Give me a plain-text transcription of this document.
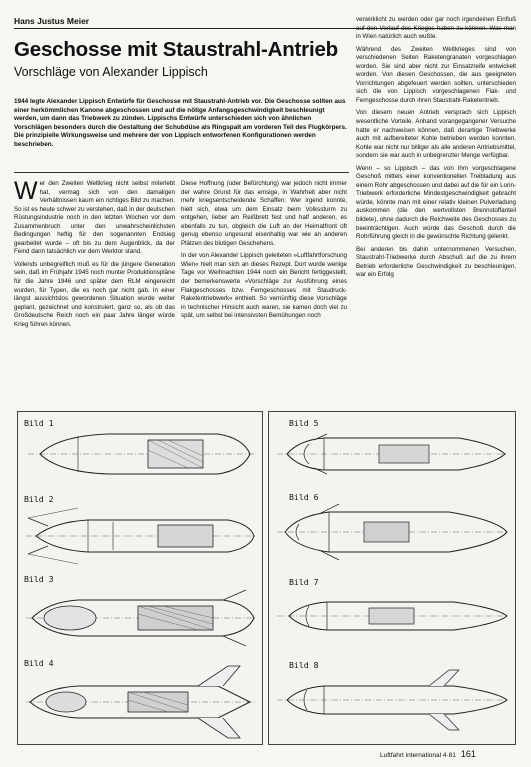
Hans Justus Meier
Geschosse mit Staustrahl-Antrieb
Vorschläge von Alexander Lippisch
1944 legte Alexander Lippisch Entwürfe für Geschosse mit Staustrahl-Antrieb vor. Die Geschosse sollten aus einer herkömmlichen Kanone abgeschossen und auf die nötige Anfangsgeschwindigkeit beschleunigt werden, um dann das Triebwerk zu zünden. Lippischs Entwürfe unterschieden sich von ähnlichen Vorschlägen besonders durch die Gestaltung der Schubdüse als Ringspalt am vorderen Teil des Flugkörpers. Die prinzipielle Wirkungsweise und mehrere der von Lippisch entworfenen Konfigurationen werden beschrieben.

Wer den Zweiten Weltkrieg nicht selbst miterlebt hat, vermag sich von den damaligen Verhältnissen kaum ein richtiges Bild zu machen. So ist es heute schwer zu verstehen, daß in der deutschen Rüstungsindustrie noch in den letzten Wochen vor dem Zusammenbruch unter den unwahrscheinlichsten Bedingungen heftig für den sogenannten Endsieg gearbeitet wurde – oft bis zu dem Augenblick, da der Feind dann tatsächlich vor dem Werktor stand.

Vollends unbegreiflich muß es für die jüngere Generation sein, daß im Frühjahr 1945 noch munter Produktionspläne für die Jahre 1946 und später dem RLM eingereicht wurden, für Typen, die es noch gar nicht gab. In einer längst aussichtslos gewordenen Situation wurde weiter geplant, gezeichnet und konstruiert, ganz so, als ob das Großdeutsche Reich noch ein paar Jahre länger würde Krieg führen können.

Diese Hoffnung (oder Befürchtung) war jedoch nicht immer der wahre Grund für das emsige, in Wahrheit aber nicht mehr kriegsentscheidende Schaffen: Wer irgend konnte, hielt sich, etwa um dem Einsatz beim Volkssturm zu entgehen, lieber am Reißbrett fest und half anderen, es ebenfalls zu tun, obgleich die Luft an der Heimatfront oft genug ebenso ungesund eisenhaltig war wie an anderen Plätzen des blutigen Geschehens.

In der von Alexander Lippisch geleiteten »Luftfahrtforschung Wien« hielt man sich an dieses Rezept. Dort wurde wenige Tage vor Weihnachten 1944 noch ein Bericht fertiggestellt, der bemerkenswerte »Vorschläge zur Ausführung eines Flakgeschosses bzw. Ferngeschosses mit Staudruck-Raketentriebwerk« enthielt. So vernünftig diese Vorschläge in technischer Hinsicht auch waren, sie kamen doch viel zu spät, um selbst bei intensivsten Bemühungen noch

verwirklicht zu werden oder gar noch irgendeinen Einfluß auf den Verlauf des Krieges haben zu können. Was man in Wien natürlich auch wußte.

Während des Zweiten Weltkrieges sind von verschiedenen Seiten Raketengranaten vorgeschlagen worden. Sie sind aber nicht zur Einsatzreife entwickelt worden. Von diesen Geschossen, die aus geeigneten Vorrichtungen abgefeuert werden sollten, unterschieden sich die von Lippisch vorgeschlagenen Flak- und Ferngeschosse durch ihren Staustrahl-Raketentrieb.

Von diesem neuen Antrieb versprach sich Lippisch wesentliche Vorteile. Anhand vorangegangener Versuche hatte er nachweisen können, daß derartige Triebwerke auch mit aufbereiteter Kohle betrieben werden konnten. Kohle war nicht nur billiger als alle anderen Antriebsmittel, sondern sie war auch in unbegrenzter Menge verfügbar.

Wenn – so Lippisch – das von ihm vorgeschlagene Geschoß mittels einer konventionellen Treibladung aus einem Rohr abgeschossen und dabei auf die für ein Lorin-Triebwerk erforderliche Mindestgeschwindigkeit gebracht würde, könnte man mit einer relativ kleinen Pulverladung auskommen (die den wertvollsten Brennstoffanteil bildete), ohne dadurch die Reichweite des Geschosses zu beeinträchtigen. Auch würde das Geschoß durch die Rohrführung gleich in die gewünschte Richtung gelenkt.

Bei anderen bis dahin unternommenen Versuchen, Staustrahl-Triebwerke durch Abschuß auf die zu ihrem Betrieb erforderliche Geschwindigkeit zu beschleunigen, war ein Erfolg

Bild 1
Bild 2
Bild 3
Bild 4
Bild 5
Bild 6
Bild 7
Bild 8
Luftfahrt international 4·81 161
